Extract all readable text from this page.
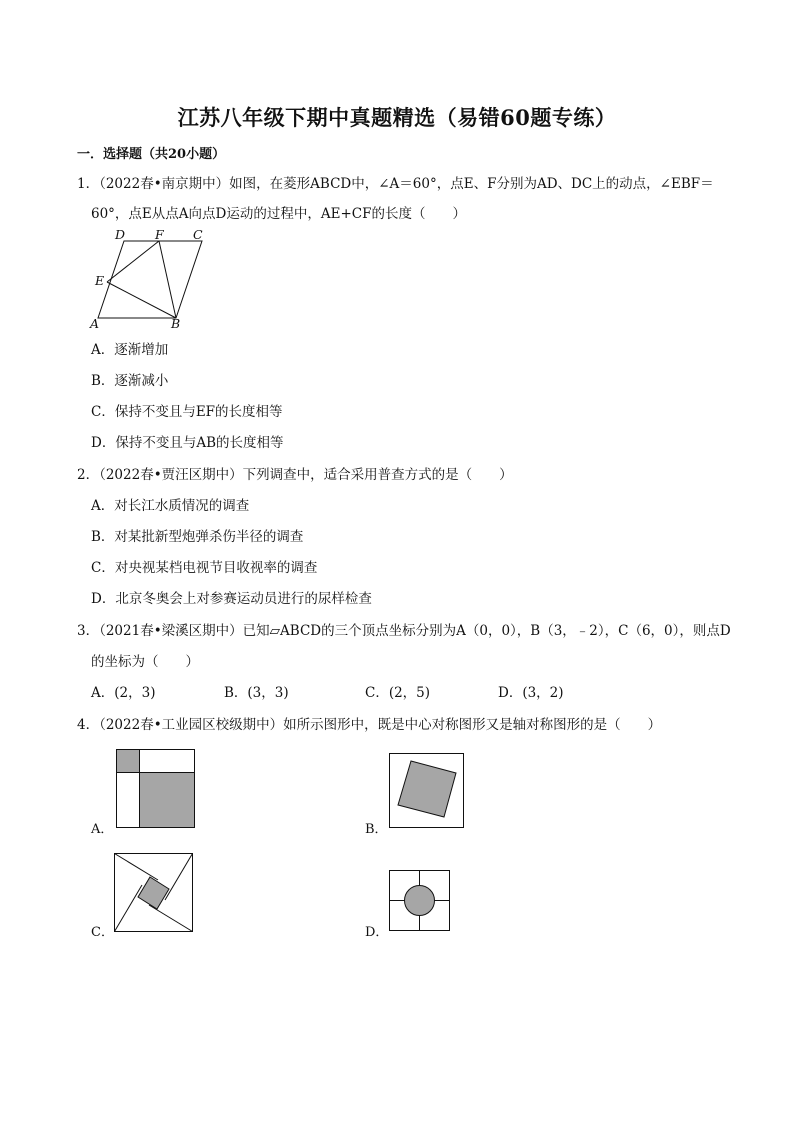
江苏八年级下期中真题精选（易错60题专练）
一．选择题（共20小题）
1．（2022春•南京期中）如图，在菱形ABCD中，∠A＝60°，点E、F分别为AD、DC上的动点，∠EBF＝
60°，点E从点A向点D运动的过程中，AE+CF的长度（　　）
D F C
E
A	B
A．逐渐增加
B．逐渐减小
C．保持不变且与EF的长度相等
D．保持不变且与AB的长度相等
2．（2022春•贾汪区期中）下列调查中，适合采用普查方式的是（　　）
A．对长江水质情况的调查
B．对某批新型炮弹杀伤半径的调查
C．对央视某档电视节目收视率的调查
D．北京冬奥会上对参赛运动员进行的尿样检查
3．（2021春•梁溪区期中）已知▱ABCD的三个顶点坐标分别为A（0，0），B（3，﹣2），C（6，0），则点D
的坐标为（　　）
A．(2，3)	B．(3，3)	C．(2，5)	D．(3，2)
4．（2022春•工业园区校级期中）如所示图形中，既是中心对称图形又是轴对称图形的是（　　）
A．	B．
C．	D．
